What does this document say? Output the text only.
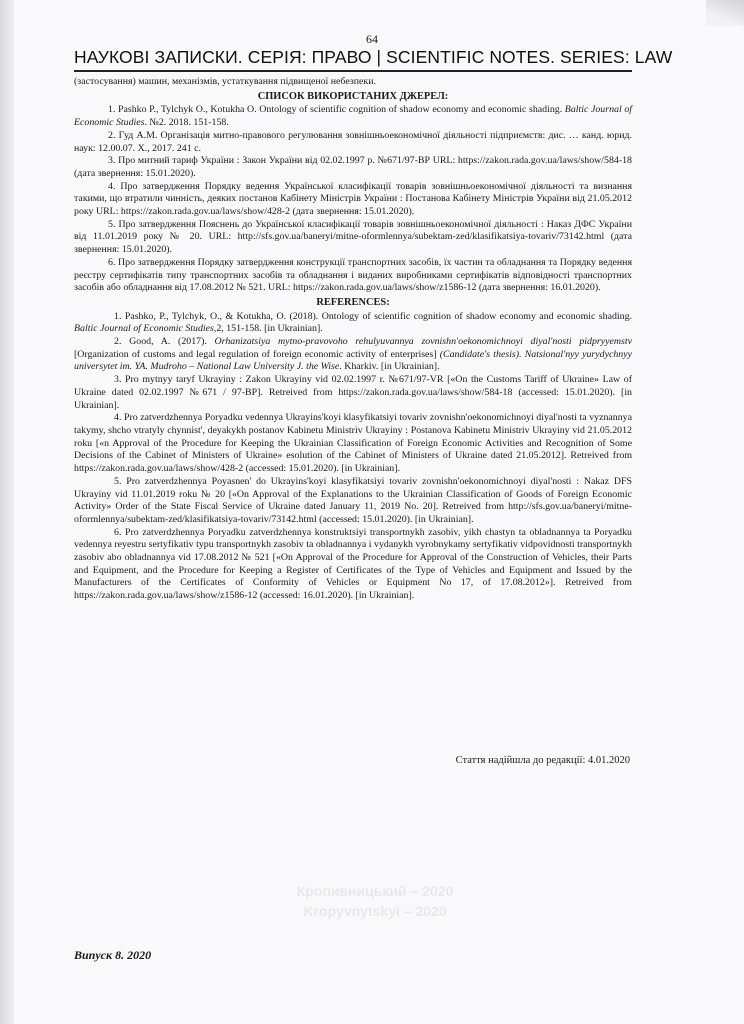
Кропивницький – 2020
Kropyvnytskyi – 2020
64
НАУКОВІ ЗАПИСКИ. СЕРІЯ: ПРАВО | SCIENTIFIC NOTES. SERIES: LAW

(застосування) машин, механізмів, устаткування підвищеної небезпеки.

СПИСОК ВИКОРИСТАНИХ ДЖЕРЕЛ:

1. Pashko P., Tylchyk O., Kotukha O. Ontology of scientific cognition of shadow economy and economic shading. Baltic Journal of Economic Studies. №2. 2018. 151-158.

2. Гуд А.М. Організація митно-правового регулювання зовнішньоекономічної діяльності підприємств: дис. … канд. юрид. наук: 12.00.07. Х., 2017. 241 с.

3. Про митний тариф України : Закон України від 02.02.1997 р. №671/97-ВР URL: https://zakon.rada.gov.ua/laws/show/584-18 (дата звернення: 15.01.2020).

4. Про затвердження Порядку ведення Української класифікації товарів зовнішньоекономічної діяльності та визнання такими, що втратили чинність, деяких постанов Кабінету Міністрів України : Постанова Кабінету Міністрів України від 21.05.2012 року URL: https://zakon.rada.gov.ua/laws/show/428-2 (дата звернення: 15.01.2020).

5. Про затвердження Пояснень до Української класифікації товарів зовнішньоекономічної діяльності : Наказ ДФС України від 11.01.2019 року № 20. URL: http://sfs.gov.ua/baneryi/mitne-oformlennya/subektam-zed/klasifikatsiya-tovariv/73142.html (дата звернення: 15.01.2020).

6. Про затвердження Порядку затвердження конструкції транспортних засобів, їх частин та обладнання та Порядку ведення реєстру сертифікатів типу транспортних засобів та обладнання і виданих виробниками сертифікатів відповідності транспортних засобів або обладнання від 17.08.2012 № 521. URL: https://zakon.rada.gov.ua/laws/show/z1586-12 (дата звернення: 16.01.2020).

REFERENCES:

1. Pashko, P., Tylchyk, O., & Kotukha, O. (2018). Ontology of scientific cognition of shadow economy and economic shading. Baltic Journal of Economic Studies,2, 151-158. [in Ukrainian].

2. Good, A. (2017). Orhanizatsiya mytno-pravovoho rehulyuvannya zovnishn'oekonomichnoyi diyal'nosti pidpryyemstv [Organization of customs and legal regulation of foreign economic activity of enterprises] (Candidate's thesis). Natsional'nyy yurydychnyy universytet im. YA. Mudroho – National Law University J. the Wise. Kharkiv. [in Ukrainian].

3. Pro mytnyy taryf Ukrayiny : Zakon Ukrayiny vid 02.02.1997 r. №671/97-VR [«On the Customs Tariff of Ukraine» Law of Ukraine dated 02.02.1997 №671 / 97-BP]. Retreived from https://zakon.rada.gov.ua/laws/show/584-18 (accessed: 15.01.2020). [in Ukrainian].

4. Pro zatverdzhennya Poryadku vedennya Ukrayins'koyi klasyfikatsiyi tovariv zovnishn'oekonomichnoyi diyal'nosti ta vyznannya takymy, shcho vtratyly chynnist', deyakykh postanov Kabinetu Ministriv Ukrayiny : Postanova Kabinetu Ministriv Ukrayiny vid 21.05.2012 roku [«n Approval of the Procedure for Keeping the Ukrainian Classification of Foreign Economic Activities and Recognition of Some Decisions of the Cabinet of Ministers of Ukraine» esolution of the Cabinet of Ministers of Ukraine dated 21.05.2012]. Retreived from https://zakon.rada.gov.ua/laws/show/428-2 (accessed: 15.01.2020). [in Ukrainian].

5. Pro zatverdzhennya Poyasnen' do Ukrayins'koyi klasyfikatsiyi tovariv zovnishn'oekonomichnoyi diyal'nosti : Nakaz DFS Ukrayiny vid 11.01.2019 roku № 20 [«On Approval of the Explanations to the Ukrainian Classification of Goods of Foreign Economic Activity» Order of the State Fiscal Service of Ukraine dated January 11, 2019 No. 20]. Retreived from http://sfs.gov.ua/baneryi/mitne-oformlennya/subektam-zed/klasifikatsiya-tovariv/73142.html (accessed: 15.01.2020). [in Ukrainian].

6. Pro zatverdzhennya Poryadku zatverdzhennya konstruktsiyi transportnykh zasobiv, yikh chastyn ta obladnannya ta Poryadku vedennya reyestru sertyfikativ typu transportnykh zasobiv ta obladnannya i vydanykh vyrobnykamy sertyfikativ vidpovidnosti transportnykh zasobiv abo obladnannya vid 17.08.2012 № 521 [«On Approval of the Procedure for Approval of the Construction of Vehicles, their Parts and Equipment, and the Procedure for Keeping a Register of Certificates of the Type of Vehicles and Equipment and Issued by the Manufacturers of the Certificates of Conformity of Vehicles or Equipment No 17, of 17.08.2012»]. Retreived from https://zakon.rada.gov.ua/laws/show/z1586-12 (accessed: 16.01.2020). [in Ukrainian].

Стаття надійшла до редакції: 4.01.2020
Випуск 8. 2020
